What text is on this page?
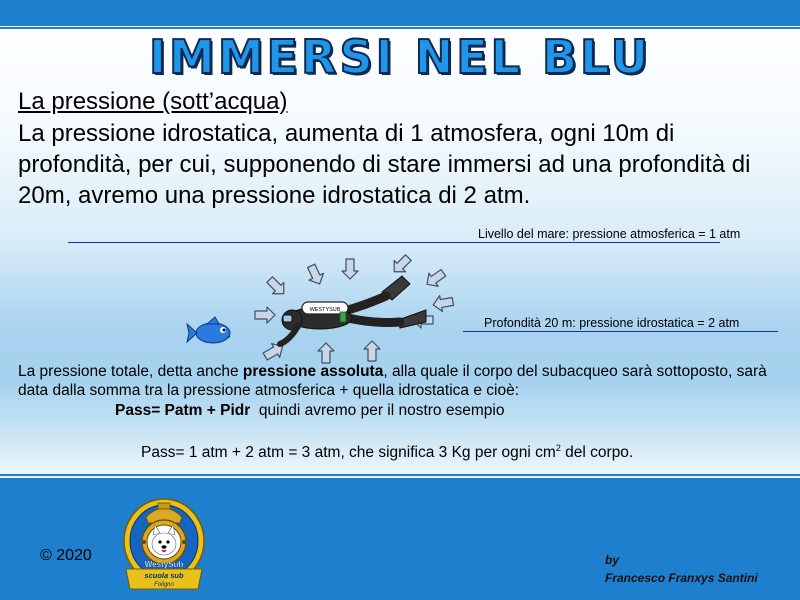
IMMERSI NEL BLU
La pressione (sott’acqua)
La pressione idrostatica, aumenta di 1 atmosfera, ogni 10m di profondità, per cui, supponendo di stare immersi ad una profondità di 20m, avremo una pressione idrostatica di 2 atm.
Livello del mare: pressione atmosferica = 1 atm
Profondità 20 m: pressione idrostatica = 2 atm
WESTYSUB
La pressione totale, detta anche pressione assoluta, alla quale il corpo del subacqueo sarà sottoposto, sarà data dalla somma tra la pressione atmosferica + quella idrostatica e cioè:
Pass= Patm + Pidr quindi avremo per il nostro esempio
Pass= 1 atm + 2 atm = 3 atm, che significa 3 Kg per ogni $cm^2$ del corpo.
© 2020
WestySub
scuola sub
Foligno
by
Francesco Franxys Santini
